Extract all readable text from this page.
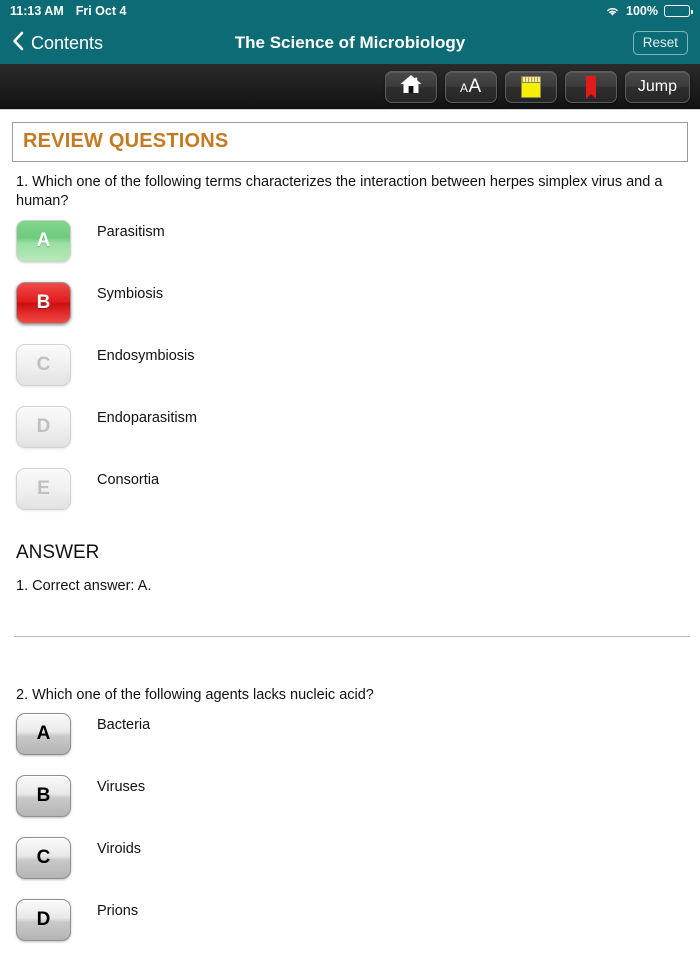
11:13 AM Fri Oct 4	100%
Contents	The Science of Microbiology	Reset
AA	Jump
REVIEW QUESTIONS
1. Which one of the following terms characterizes the interaction between herpes simplex virus and a human?
A	Parasitism
B	Symbiosis
C	Endosymbiosis
D	Endoparasitism
E	Consortia
ANSWER
1. Correct answer: A.
2. Which one of the following agents lacks nucleic acid?
A	Bacteria
B	Viruses
C	Viroids
D	Prions
